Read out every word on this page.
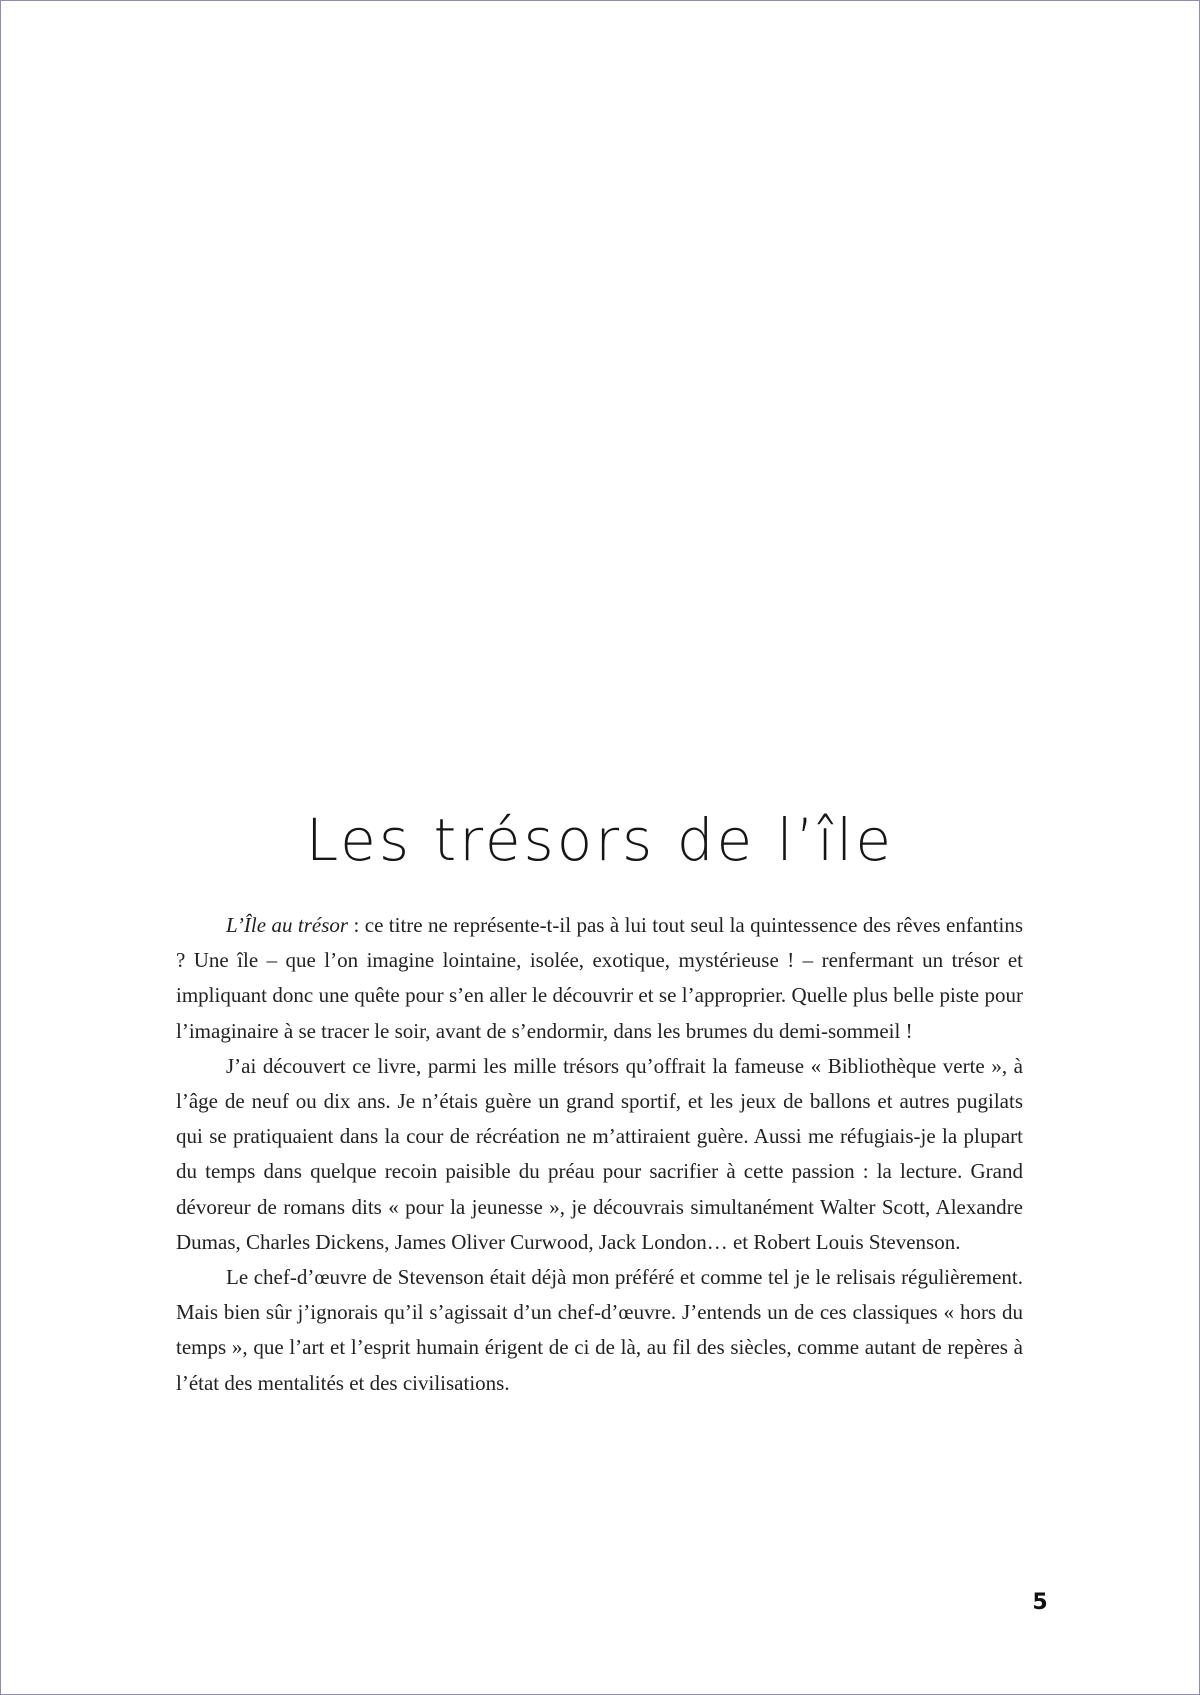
Les trésors de l’île

L’Île au trésor : ce titre ne représente-t-il pas à lui tout seul la quintessence des rêves enfantins ? Une île – que l’on imagine lointaine, isolée, exotique, mystérieuse ! – renfermant un trésor et impliquant donc une quête pour s’en aller le découvrir et se l’approprier. Quelle plus belle piste pour l’imaginaire à se tracer le soir, avant de s’endormir, dans les brumes du demi-sommeil !

J’ai découvert ce livre, parmi les mille trésors qu’offrait la fameuse « Bibliothèque verte », à l’âge de neuf ou dix ans. Je n’étais guère un grand sportif, et les jeux de ballons et autres pugilats qui se pratiquaient dans la cour de récréation ne m’attiraient guère. Aussi me réfugiais-je la plupart du temps dans quelque recoin paisible du préau pour sacrifier à cette passion : la lecture. Grand dévoreur de romans dits « pour la jeunesse », je découvrais simultanément Walter Scott, Alexandre Dumas, Charles Dickens, James Oliver Curwood, Jack London… et Robert Louis Stevenson.

Le chef-d’œuvre de Stevenson était déjà mon préféré et comme tel je le relisais régulièrement. Mais bien sûr j’ignorais qu’il s’agissait d’un chef-d’œuvre. J’entends un de ces classiques « hors du temps », que l’art et l’esprit humain érigent de ci de là, au fil des siècles, comme autant de repères à l’état des mentalités et des civilisations.

5
